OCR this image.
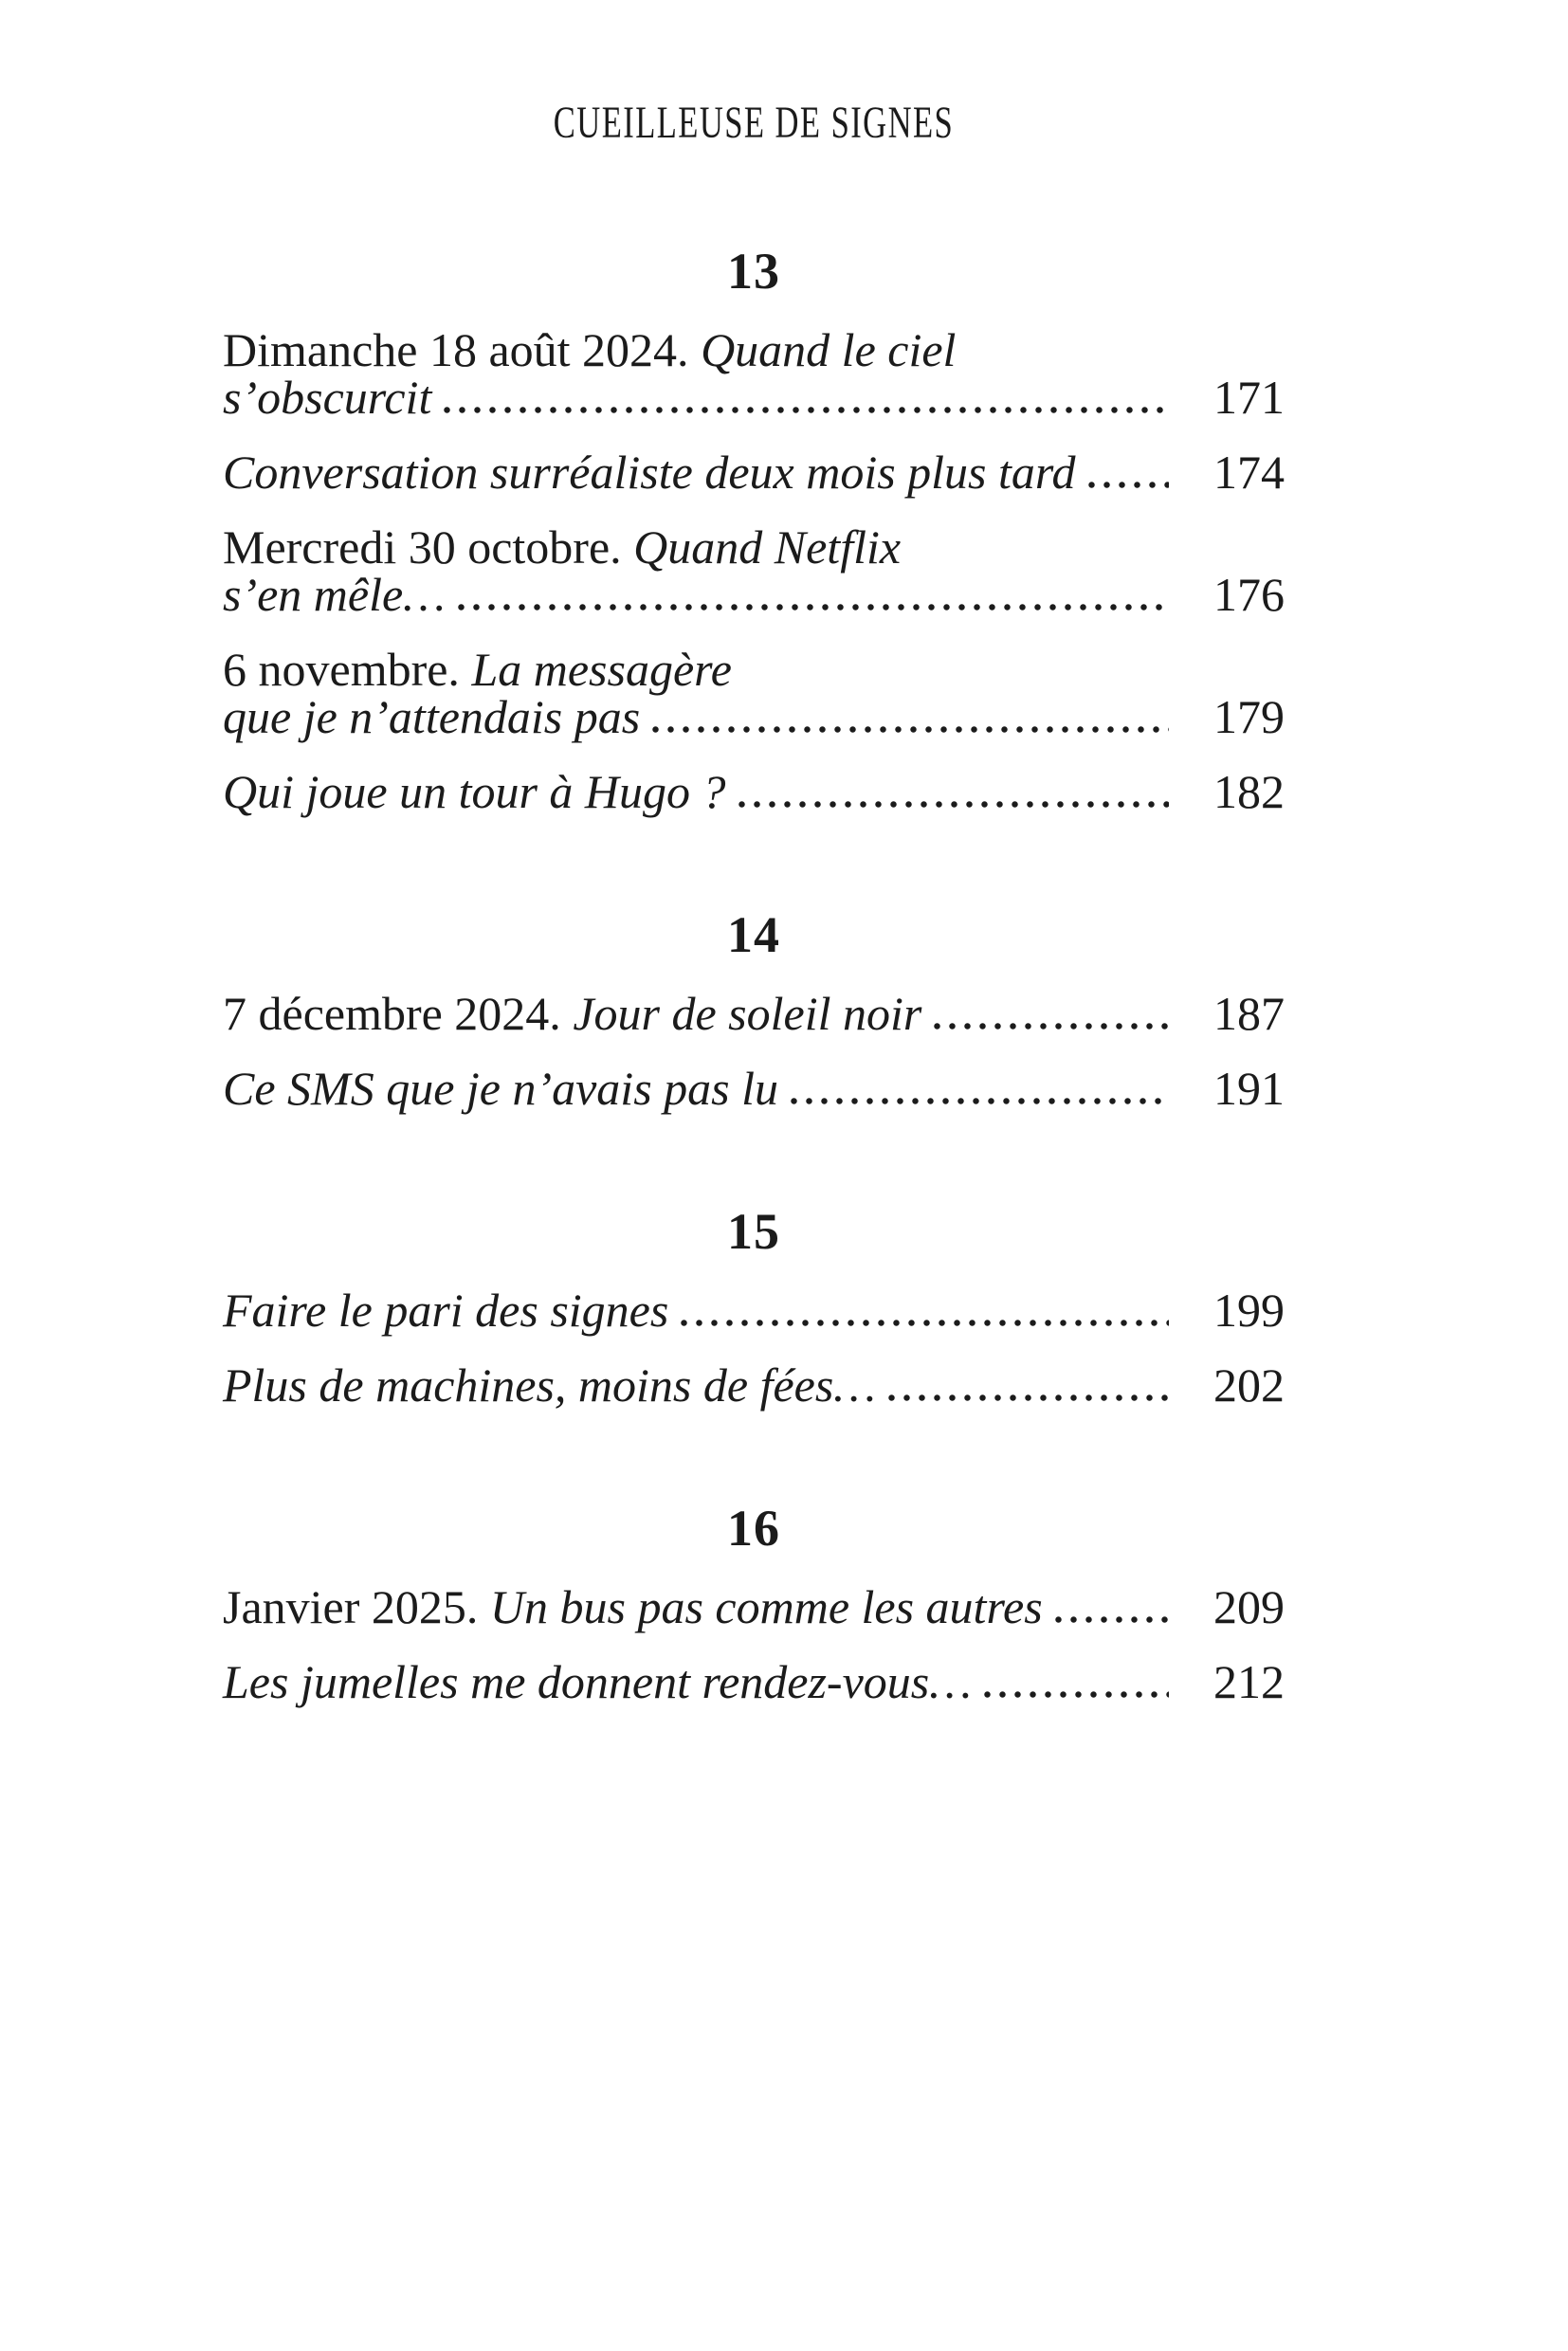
CUEILLEUSE DE SIGNES
13
Dimanche 18 août 2024. Quand le ciel
s’obscurcit	171
Conversation surréaliste deux mois plus tard	174
Mercredi 30 octobre. Quand Netflix
s’en mêle…	176
6 novembre. La messagère
que je n’attendais pas	179
Qui joue un tour à Hugo ?	182
14
7 décembre 2024. Jour de soleil noir	187
Ce SMS que je n’avais pas lu	191
15
Faire le pari des signes	199
Plus de machines, moins de fées…	202
16
Janvier 2025. Un bus pas comme les autres	209
Les jumelles me donnent rendez-vous…	212
